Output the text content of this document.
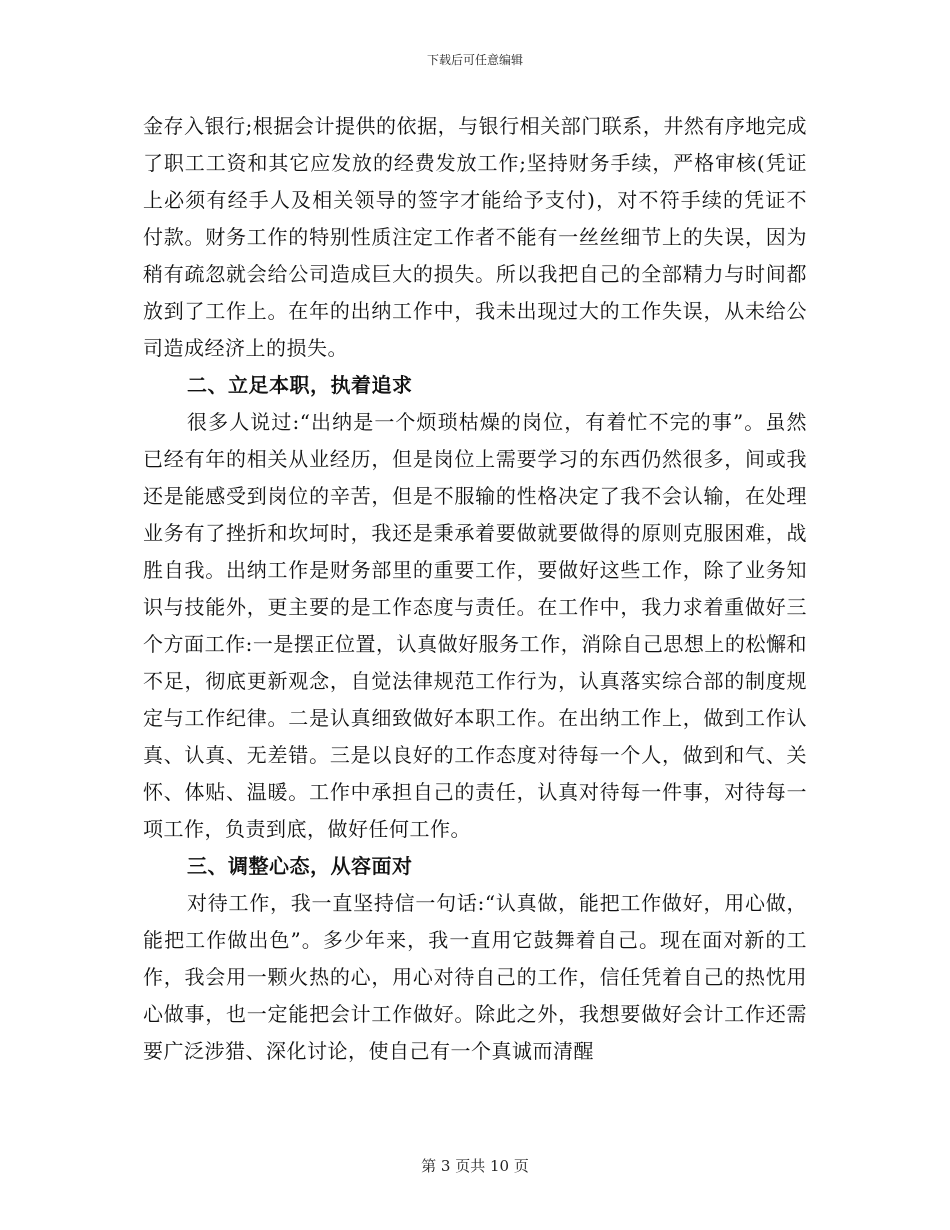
下载后可任意编辑

金存入银行;根据会计提供的依据，与银行相关部门联系，井然有序地完成了职工工资和其它应发放的经费发放工作;坚持财务手续，严格审核(凭证上必须有经手人及相关领导的签字才能给予支付)，对不符手续的凭证不付款。财务工作的特别性质注定工作者不能有一丝丝细节上的失误，因为稍有疏忽就会给公司造成巨大的损失。所以我把自己的全部精力与时间都放到了工作上。在年的出纳工作中，我未出现过大的工作失误，从未给公司造成经济上的损失。

二、立足本职，执着追求

很多人说过:“出纳是一个烦琐枯燥的岗位，有着忙不完的事”。虽然已经有年的相关从业经历，但是岗位上需要学习的东西仍然很多，间或我还是能感受到岗位的辛苦，但是不服输的性格决定了我不会认输，在处理业务有了挫折和坎坷时，我还是秉承着要做就要做得的原则克服困难，战胜自我。出纳工作是财务部里的重要工作，要做好这些工作，除了业务知识与技能外，更主要的是工作态度与责任。在工作中，我力求着重做好三个方面工作:一是摆正位置，认真做好服务工作，消除自己思想上的松懈和不足，彻底更新观念，自觉法律规范工作行为，认真落实综合部的制度规定与工作纪律。二是认真细致做好本职工作。在出纳工作上，做到工作认真、认真、无差错。三是以良好的工作态度对待每一个人，做到和气、关怀、体贴、温暖。工作中承担自己的责任，认真对待每一件事，对待每一项工作，负责到底，做好任何工作。

三、调整心态，从容面对

对待工作，我一直坚持信一句话:“认真做，能把工作做好，用心做，能把工作做出色”。多少年来，我一直用它鼓舞着自己。现在面对新的工作，我会用一颗火热的心，用心对待自己的工作，信任凭着自己的热忱用心做事，也一定能把会计工作做好。除此之外，我想要做好会计工作还需要广泛涉猎、深化讨论，使自己有一个真诚而清醒

第 3 页共 10 页
